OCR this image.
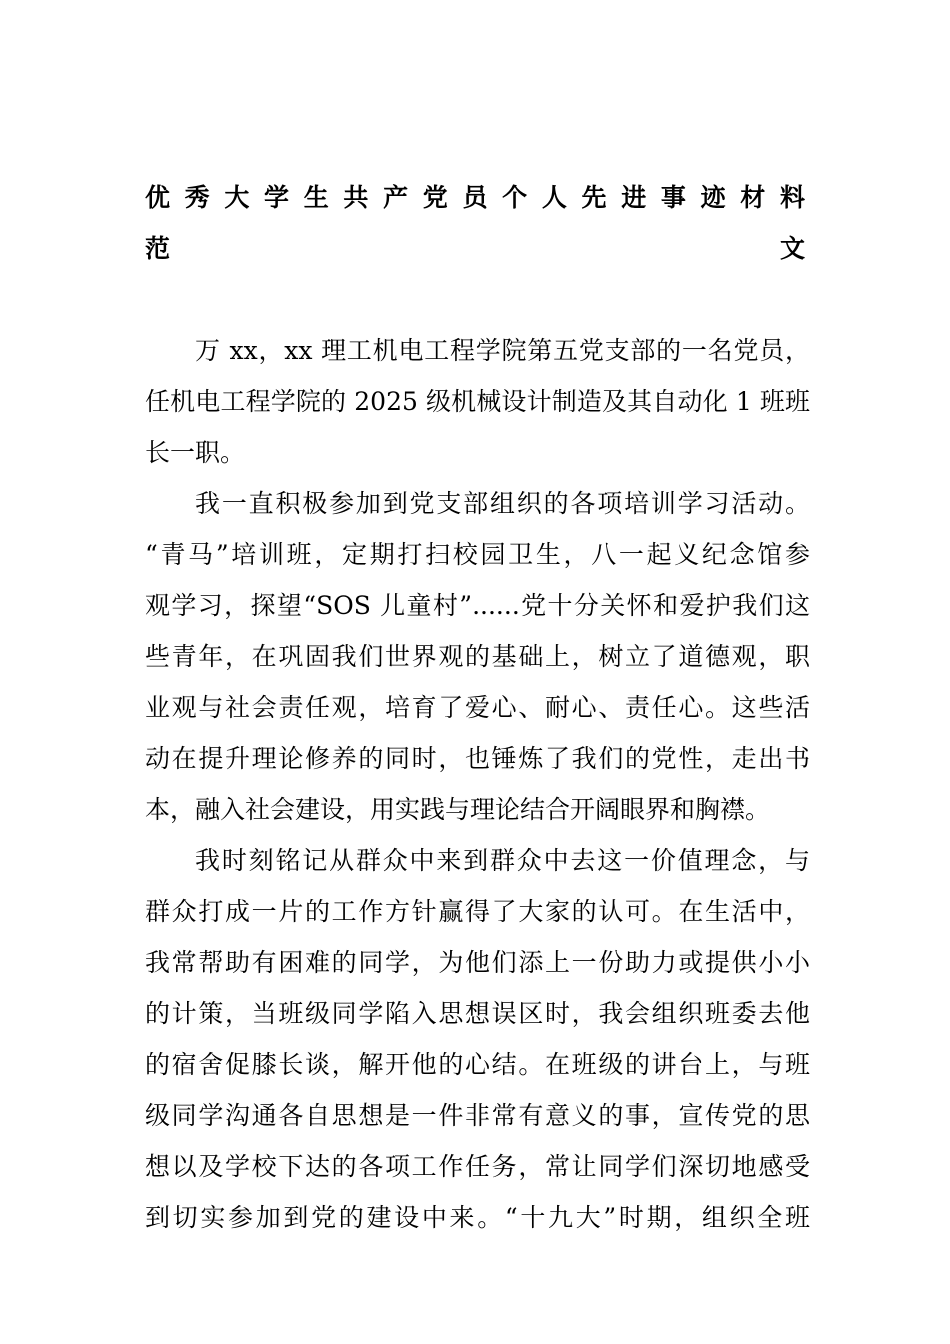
优秀大学生共产党员个人先进事迹材料
范文
万 xx，xx 理工机电工程学院第五党支部的一名党员，
任机电工程学院的 2025 级机械设计制造及其自动化 1 班班
长一职。
我一直积极参加到党支部组织的各项培训学习活动。
“青马”培训班，定期打扫校园卫生，八一起义纪念馆参
观学习，探望“SOS 儿童村”......党十分关怀和爱护我们这
些青年，在巩固我们世界观的基础上，树立了道德观，职
业观与社会责任观，培育了爱心、耐心、责任心。这些活
动在提升理论修养的同时，也锤炼了我们的党性，走出书
本，融入社会建设，用实践与理论结合开阔眼界和胸襟。
我时刻铭记从群众中来到群众中去这一价值理念，与
群众打成一片的工作方针赢得了大家的认可。在生活中，
我常帮助有困难的同学，为他们添上一份助力或提供小小
的计策，当班级同学陷入思想误区时，我会组织班委去他
的宿舍促膝长谈，解开他的心结。在班级的讲台上，与班
级同学沟通各自思想是一件非常有意义的事，宣传党的思
想以及学校下达的各项工作任务，常让同学们深切地感受
到切实参加到党的建设中来。“十九大”时期，组织全班
